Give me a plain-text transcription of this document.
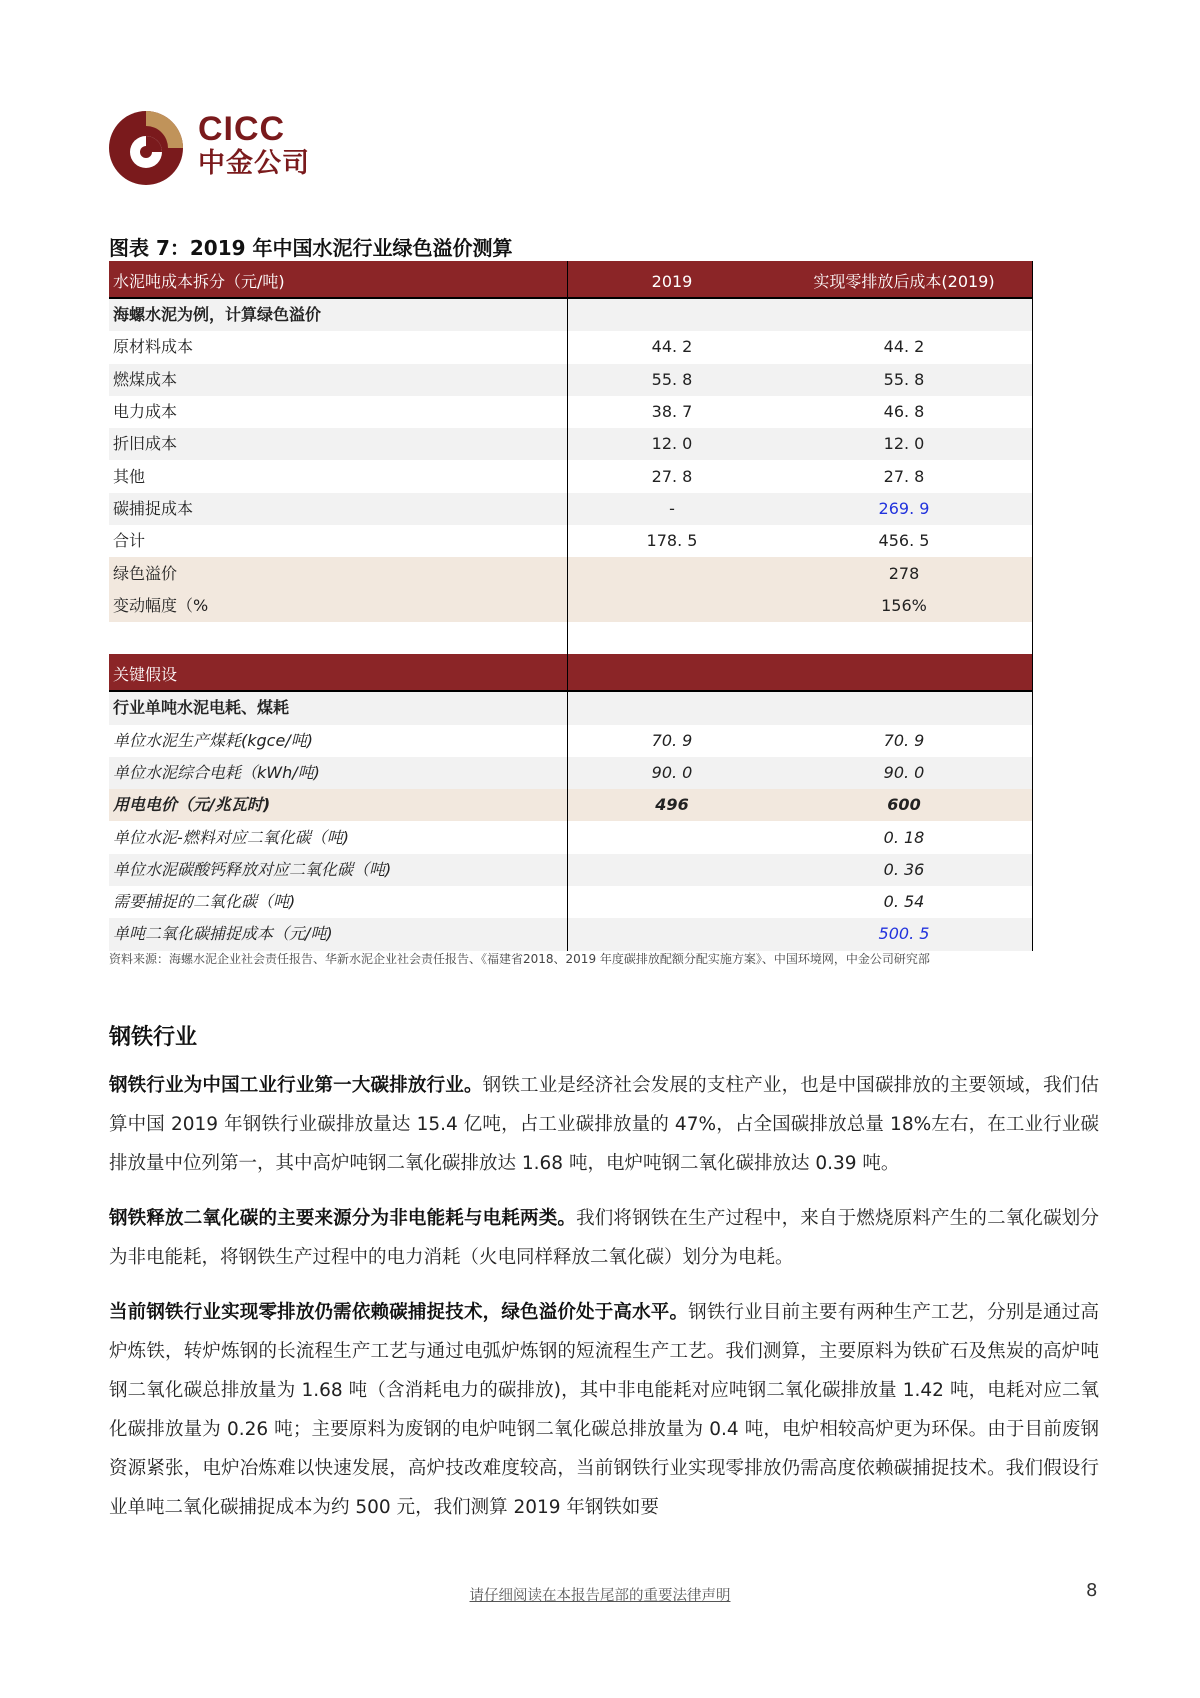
CICC
中金公司
图表 7：2019 年中国水泥行业绿色溢价测算
水泥吨成本拆分（元/吨)	2019	实现零排放后成本(2019)
海螺水泥为例，计算绿色溢价		
原材料成本	44. 2	44. 2
燃煤成本	55. 8	55. 8
电力成本	38. 7	46. 8
折旧成本	12. 0	12. 0
其他	27. 8	27. 8
碳捕捉成本	-	269. 9
合计	178. 5	456. 5
绿色溢价		278
变动幅度（%		156%

关键假设		
行业单吨水泥电耗、煤耗		
单位水泥生产煤耗(kgce/吨)	70. 9	70. 9
单位水泥综合电耗（kWh/吨)	90. 0	90. 0
用电电价（元/兆瓦时)	496	600
单位水泥-燃料对应二氧化碳（吨)		0. 18
单位水泥碳酸钙释放对应二氧化碳（吨)		0. 36
需要捕捉的二氧化碳（吨)		0. 54
单吨二氧化碳捕捉成本（元/吨)		500. 5
资料来源：海螺水泥企业社会责任报告、华新水泥企业社会责任报告、《福建省2018、2019 年度碳排放配额分配实施方案》、中国环境网，中金公司研究部
钢铁行业
钢铁行业为中国工业行业第一大碳排放行业。钢铁工业是经济社会发展的支柱产业，也是中国碳排放的主要领域，我们估算中国 2019 年钢铁行业碳排放量达 15.4 亿吨，占工业碳排放量的 47%，占全国碳排放总量 18%左右，在工业行业碳排放量中位列第一，其中高炉吨钢二氧化碳排放达 1.68 吨，电炉吨钢二氧化碳排放达 0.39 吨。
钢铁释放二氧化碳的主要来源分为非电能耗与电耗两类。我们将钢铁在生产过程中，来自于燃烧原料产生的二氧化碳划分为非电能耗，将钢铁生产过程中的电力消耗（火电同样释放二氧化碳）划分为电耗。
当前钢铁行业实现零排放仍需依赖碳捕捉技术，绿色溢价处于高水平。钢铁行业目前主要有两种生产工艺，分别是通过高炉炼铁，转炉炼钢的长流程生产工艺与通过电弧炉炼钢的短流程生产工艺。我们测算，主要原料为铁矿石及焦炭的高炉吨钢二氧化碳总排放量为 1.68 吨（含消耗电力的碳排放)，其中非电能耗对应吨钢二氧化碳排放量 1.42 吨，电耗对应二氧化碳排放量为 0.26 吨；主要原料为废钢的电炉吨钢二氧化碳总排放量为 0.4 吨，电炉相较高炉更为环保。由于目前废钢资源紧张，电炉冶炼难以快速发展，高炉技改难度较高，当前钢铁行业实现零排放仍需高度依赖碳捕捉技术。我们假设行业单吨二氧化碳捕捉成本为约 500 元，我们测算 2019 年钢铁如要
请仔细阅读在本报告尾部的重要法律声明	8
